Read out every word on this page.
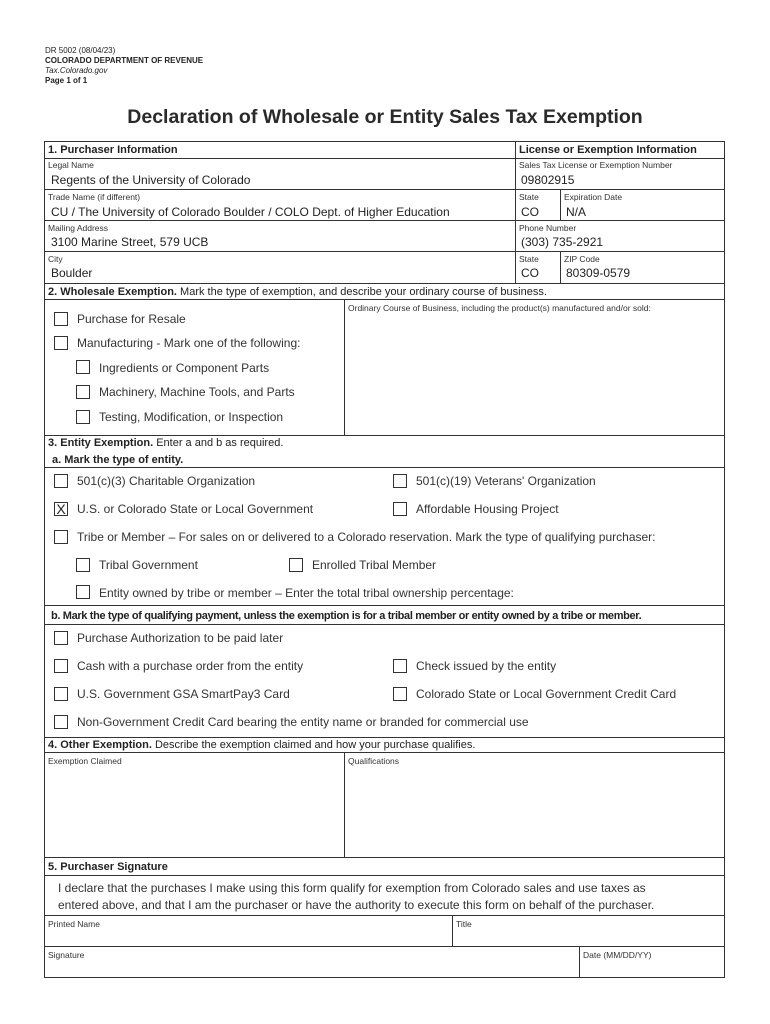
DR 5002 (08/04/23)
COLORADO DEPARTMENT OF REVENUE
Tax.Colorado.gov
Page 1 of 1
Declaration of Wholesale or Entity Sales Tax Exemption
1. Purchaser Information	License or Exemption Information
Legal Name
Regents of the University of Colorado
Sales Tax License or Exemption Number
09802915
Trade Name (if different)
CU / The University of Colorado Boulder / COLO Dept. of Higher Education
State
CO
Expiration Date
N/A
Mailing Address
3100 Marine Street, 579 UCB
Phone Number
(303) 735-2921
City
Boulder
State
CO
ZIP Code
80309-0579
2. Wholesale Exemption. Mark the type of exemption, and describe your ordinary course of business.
Ordinary Course of Business, including the product(s) manufactured and/or sold:
Purchase for Resale
Manufacturing - Mark one of the following:
Ingredients or Component Parts
Machinery, Machine Tools, and Parts
Testing, Modification, or Inspection
3. Entity Exemption. Enter a and b as required.
a. Mark the type of entity.
501(c)(3) Charitable Organization	501(c)(19) Veterans' Organization
X U.S. or Colorado State or Local Government	Affordable Housing Project
Tribe or Member – For sales on or delivered to a Colorado reservation. Mark the type of qualifying purchaser:
Tribal Government	Enrolled Tribal Member
Entity owned by tribe or member – Enter the total tribal ownership percentage:
b. Mark the type of qualifying payment, unless the exemption is for a tribal member or entity owned by a tribe or member.
Purchase Authorization to be paid later
Cash with a purchase order from the entity	Check issued by the entity
U.S. Government GSA SmartPay3 Card	Colorado State or Local Government Credit Card
Non-Government Credit Card bearing the entity name or branded for commercial use
4. Other Exemption. Describe the exemption claimed and how your purchase qualifies.
Exemption Claimed	Qualifications
5. Purchaser Signature
I declare that the purchases I make using this form qualify for exemption from Colorado sales and use taxes as
entered above, and that I am the purchaser or have the authority to execute this form on behalf of the purchaser.
Printed Name	Title
Signature	Date (MM/DD/YY)
